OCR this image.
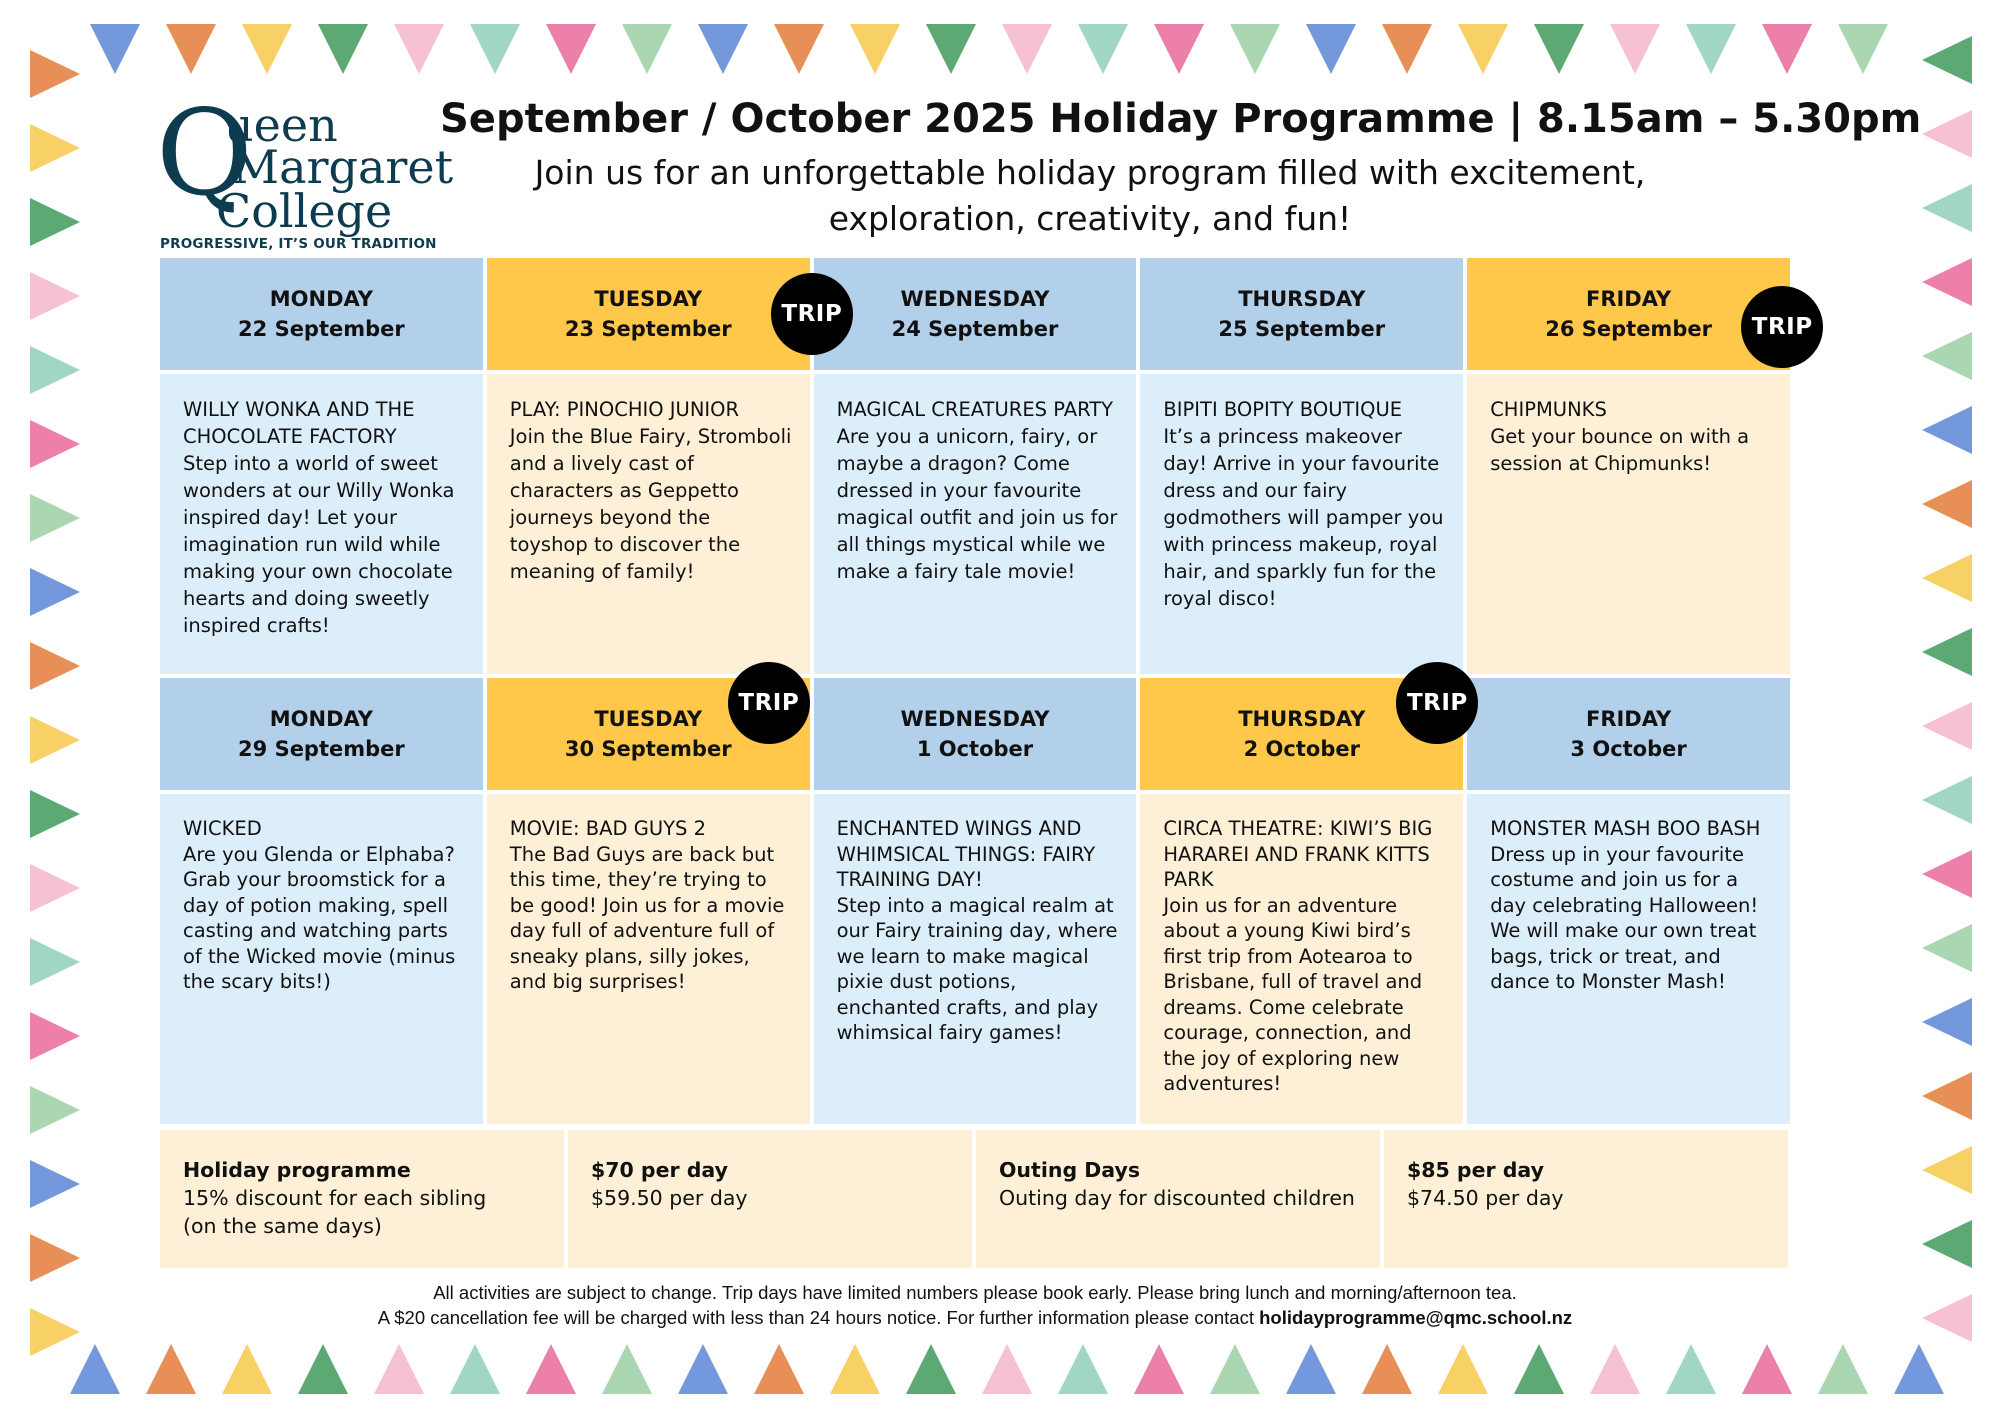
Q
ueen
Margaret
College
PROGRESSIVE, IT’S OUR TRADITION
September / October 2025 Holiday Programme | 8.15am – 5.30pm
Join us for an unforgettable holiday program filled with excitement,
exploration, creativity, and fun!
MONDAY
22 September
WILLY WONKA AND THE CHOCOLATE FACTORY
Step into a world of sweet wonders at our Willy Wonka inspired day! Let your imagination run wild while making your own chocolate hearts and doing sweetly inspired crafts!
TUESDAY
23 September
PLAY: PINOCHIO JUNIOR
Join the Blue Fairy, Stromboli and a lively cast of characters as Geppetto journeys beyond the toyshop to discover the meaning of family!
TRIP
WEDNESDAY
24 September
MAGICAL CREATURES PARTY
Are you a unicorn, fairy, or maybe a dragon? Come dressed in your favourite magical outfit and join us for all things mystical while we make a fairy tale movie!
THURSDAY
25 September
BIPITI BOPITY BOUTIQUE
It’s a princess makeover day! Arrive in your favourite dress and our fairy godmothers will pamper you with princess makeup, royal hair, and sparkly fun for the royal disco!
FRIDAY
26 September
CHIPMUNKS
Get your bounce on with a session at Chipmunks!
TRIP
MONDAY
29 September
WICKED
Are you Glenda or Elphaba? Grab your broomstick for a day of potion making, spell casting and watching parts of the Wicked movie (minus the scary bits!)
TUESDAY
30 September
MOVIE: BAD GUYS 2
The Bad Guys are back but this time, they’re trying to be good! Join us for a movie day full of adventure full of sneaky plans, silly jokes, and big surprises!
TRIP
WEDNESDAY
1 October
ENCHANTED WINGS AND WHIMSICAL THINGS: FAIRY TRAINING DAY!
Step into a magical realm at our Fairy training day, where we learn to make magical pixie dust potions, enchanted crafts, and play whimsical fairy games!
THURSDAY
2 October
CIRCA THEATRE: KIWI’S BIG HARAREI AND FRANK KITTS PARK
Join us for an adventure about a young Kiwi bird’s first trip from Aotearoa to Brisbane, full of travel and dreams. Come celebrate courage, connection, and the joy of exploring new adventures!
TRIP
FRIDAY
3 October
MONSTER MASH BOO BASH
Dress up in your favourite costume and join us for a day celebrating Halloween! We will make our own treat bags, trick or treat, and dance to Monster Mash!
Holiday programme
15% discount for each sibling
(on the same days)
$70 per day
$59.50 per day
Outing Days
Outing day for discounted children
$85 per day
$74.50 per day
All activities are subject to change. Trip days have limited numbers please book early. Please bring lunch and morning/afternoon tea.
A $20 cancellation fee will be charged with less than 24 hours notice. For further information please contact holidayprogramme@qmc.school.nz
